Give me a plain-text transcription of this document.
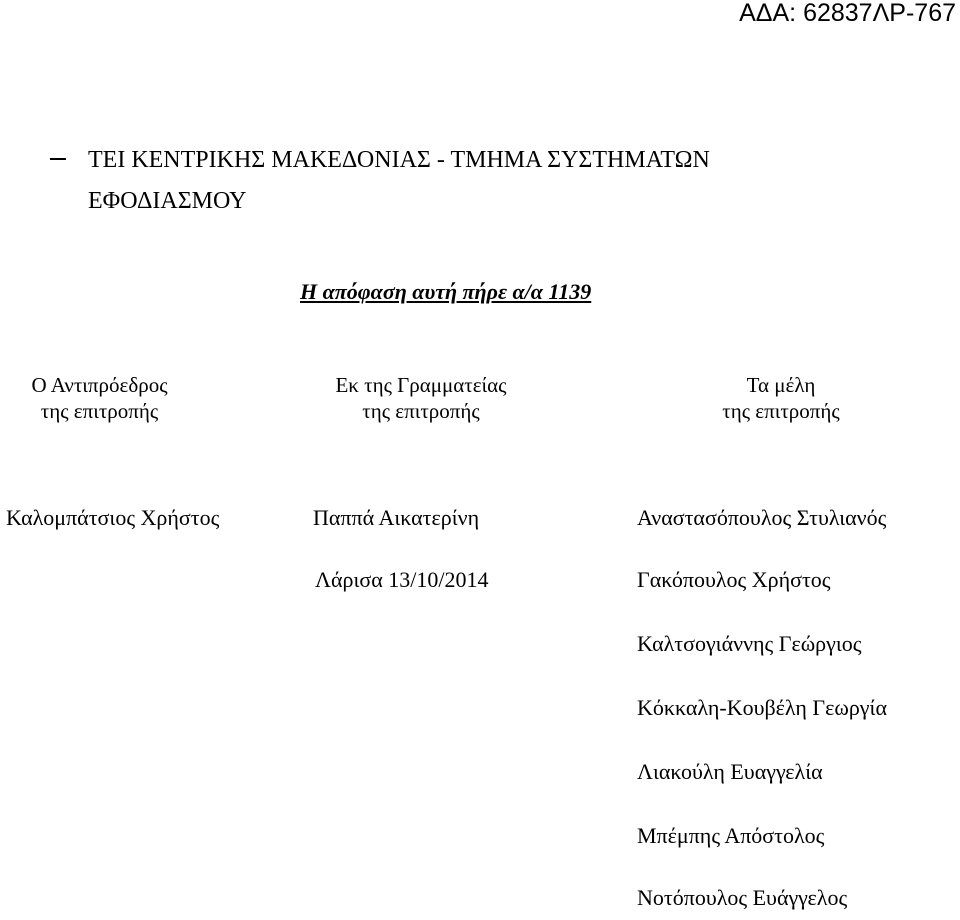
ΑΔΑ: 62837ΛΡ-767
ΤΕΙ ΚΕΝΤΡΙΚΗΣ ΜΑΚΕΔΟΝΙΑΣ - ΤΜΗΜΑ ΣΥΣΤΗΜΑΤΩΝ
ΕΦΟΔΙΑΣΜΟΥ
Η απόφαση αυτή πήρε α/α 1139
Ο Αντιπρόεδρος
της επιτροπής
Εκ της Γραμματείας
της επιτροπής
Τα μέλη
της επιτροπής
Καλομπάτσιος Χρήστος	Παππά Αικατερίνη
Λάρισα 13/10/2014
Αναστασόπουλος Στυλιανός
Γακόπουλος Χρήστος
Καλτσογιάννης Γεώργιος
Κόκκαλη-Κουβέλη Γεωργία
Λιακούλη Ευαγγελία
Μπέμπης Απόστολος
Νοτόπουλος Ευάγγελος
